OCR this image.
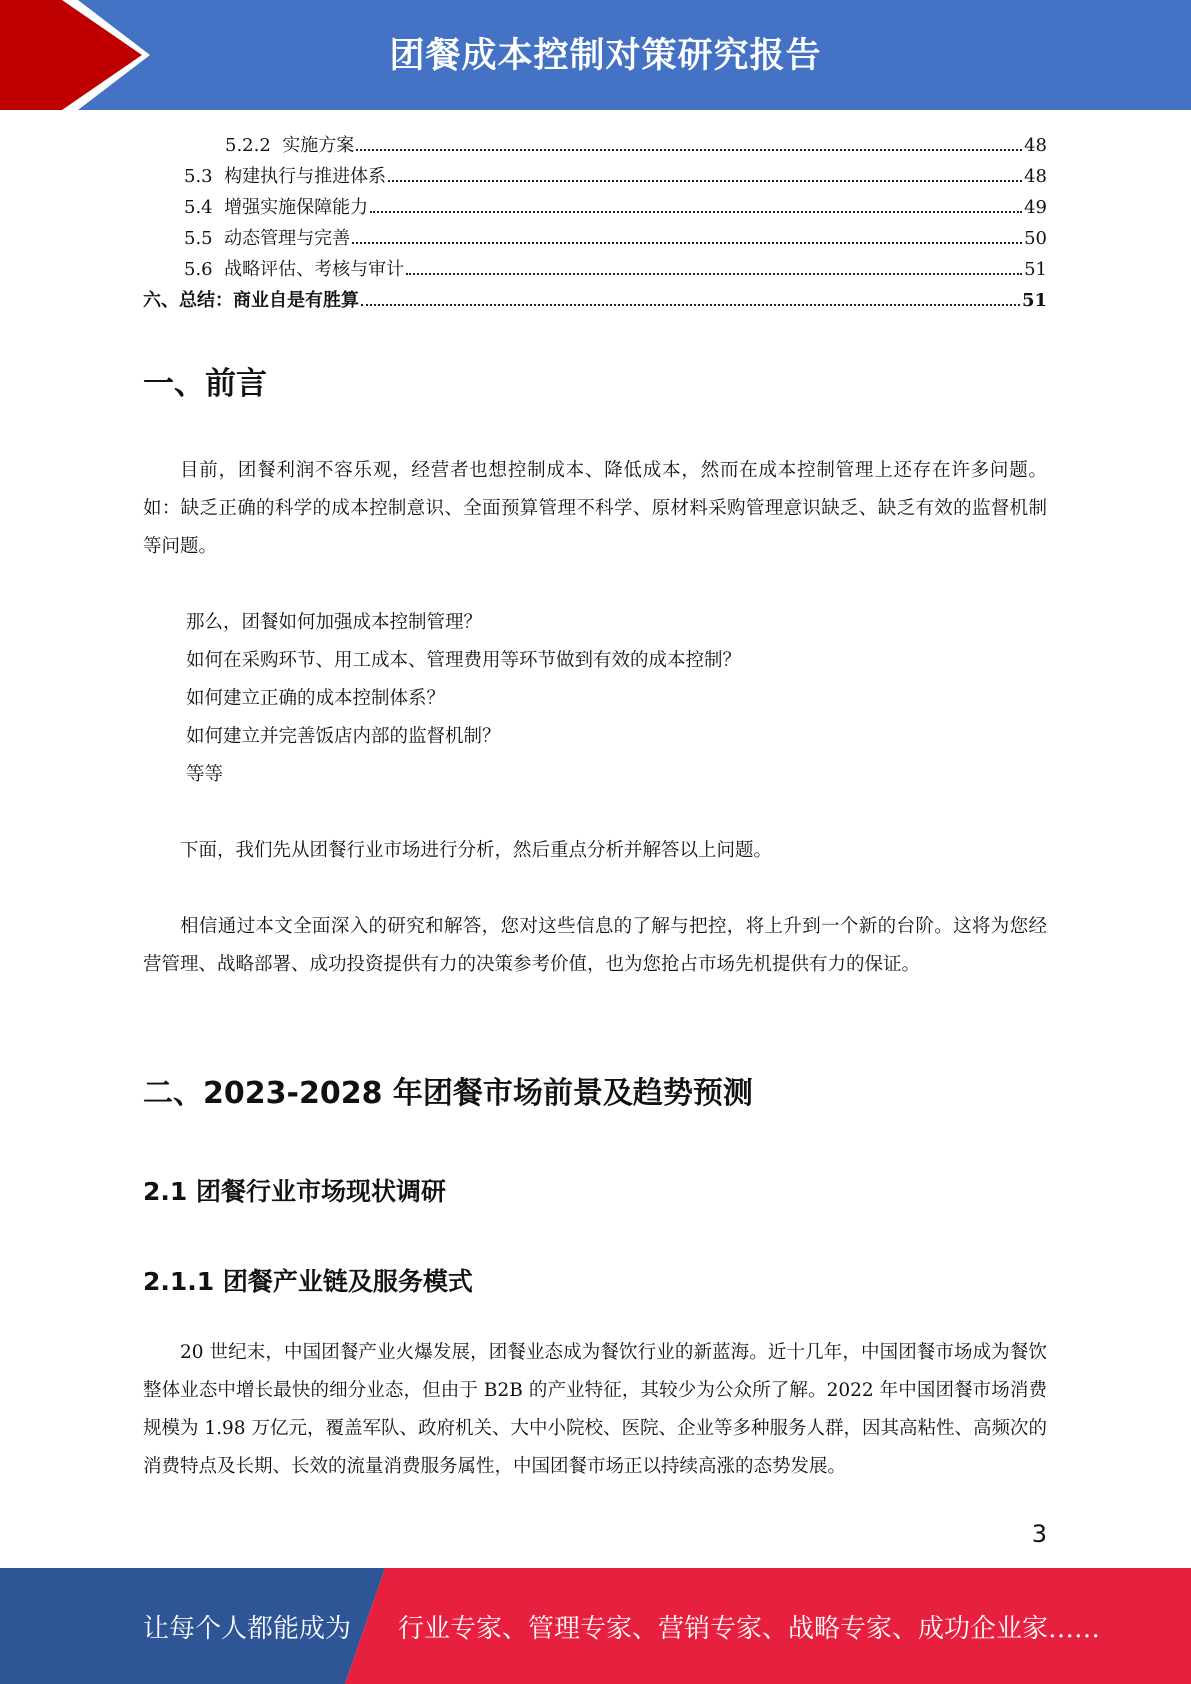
团餐成本控制对策研究报告
5.2.2  实施方案	48
5.3  构建执行与推进体系	48
5.4  增强实施保障能力	49
5.5  动态管理与完善	50
5.6  战略评估、考核与审计	51
六、总结：商业自是有胜算	51
一、前言

目前，团餐利润不容乐观，经营者也想控制成本、降低成本，然而在成本控制管理上还存在许多问题。如：缺乏正确的科学的成本控制意识、全面预算管理不科学、原材料采购管理意识缺乏、缺乏有效的监督机制等问题。

那么，团餐如何加强成本控制管理？

如何在采购环节、用工成本、管理费用等环节做到有效的成本控制？

如何建立正确的成本控制体系？

如何建立并完善饭店内部的监督机制？

等等

下面，我们先从团餐行业市场进行分析，然后重点分析并解答以上问题。

相信通过本文全面深入的研究和解答，您对这些信息的了解与把控，将上升到一个新的台阶。这将为您经营管理、战略部署、成功投资提供有力的决策参考价值，也为您抢占市场先机提供有力的保证。

二、2023-2028 年团餐市场前景及趋势预测
2.1 团餐行业市场现状调研
2.1.1 团餐产业链及服务模式

20 世纪末，中国团餐产业火爆发展，团餐业态成为餐饮行业的新蓝海。近十几年，中国团餐市场成为餐饮整体业态中增长最快的细分业态，但由于 B2B 的产业特征，其较少为公众所了解。2022 年中国团餐市场消费规模为 1.98 万亿元，覆盖军队、政府机关、大中小院校、医院、企业等多种服务人群，因其高粘性、高频次的消费特点及长期、长效的流量消费服务属性，中国团餐市场正以持续高涨的态势发展。

3
让每个人都能成为 行业专家、管理专家、营销专家、战略专家、成功企业家……
